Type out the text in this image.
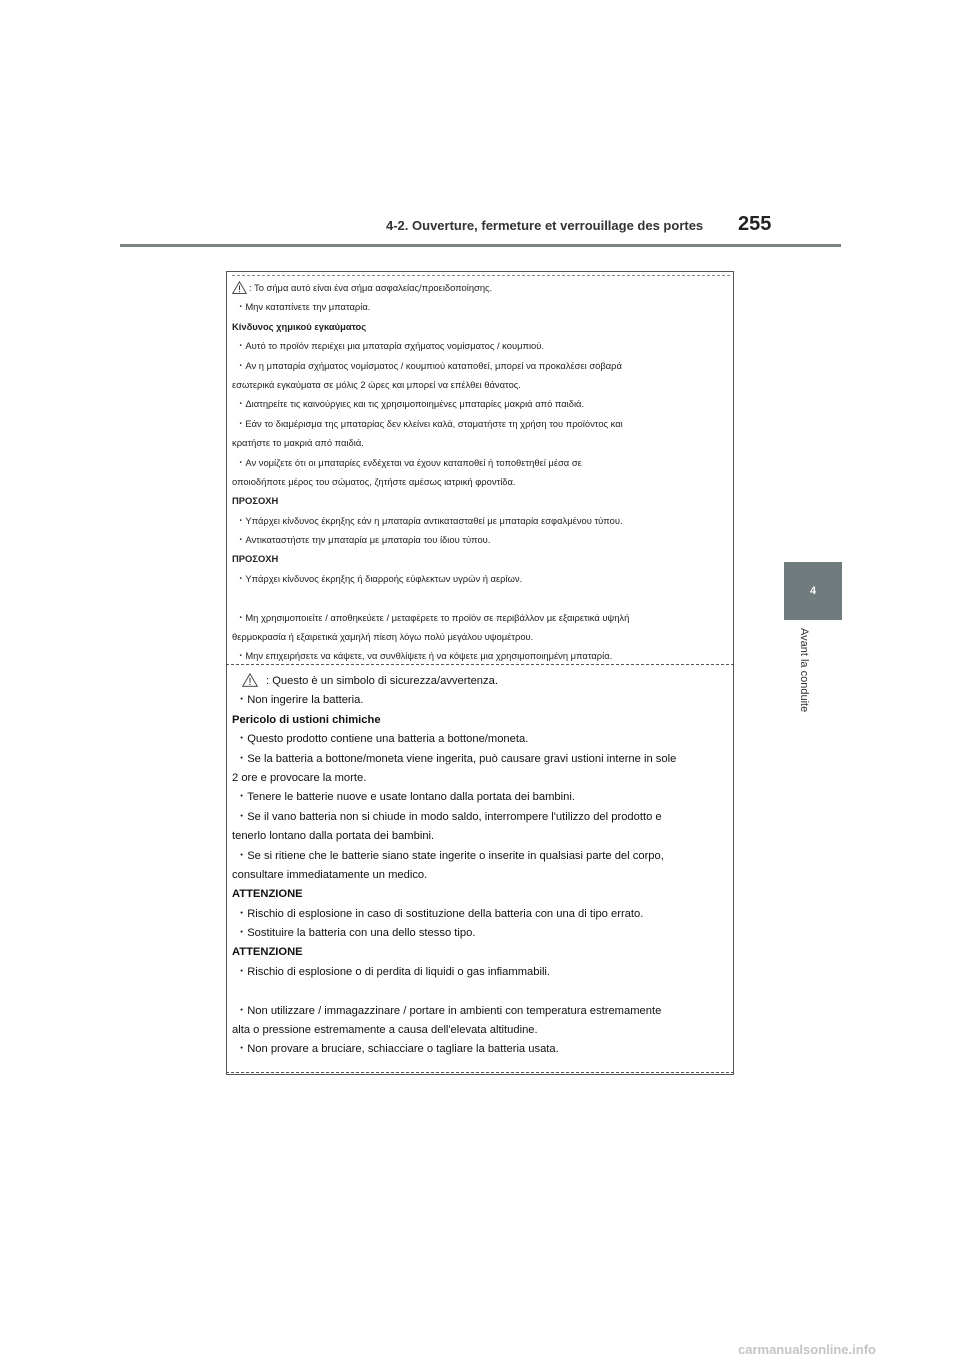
4-2. Ouverture, fermeture et verrouillage des portes 255
4
Avant la conduite
: Το σήμα αυτό είναι ένα σήμα ασφαλείας/προειδοποίησης.
・Μην καταπίνετε την μπαταρία.
Κίνδυνος χημικού εγκαύματος
・Αυτό το προϊόν περιέχει μια μπαταρία σχήματος νομίσματος / κουμπιού.
・Αν η μπαταρία σχήματος νομίσματος / κουμπιού καταποθεί, μπορεί να προκαλέσει σοβαρά
εσωτερικά εγκαύματα σε μόλις 2 ώρες και μπορεί να επέλθει θάνατος.
・Διατηρείτε τις καινούργιες και τις χρησιμοποιημένες μπαταρίες μακριά από παιδιά.
・Εάν το διαμέρισμα της μπαταρίας δεν κλείνει καλά, σταματήστε τη χρήση του προϊόντος και
κρατήστε το μακριά από παιδιά.
・Αν νομίζετε ότι οι μπαταρίες ενδέχεται να έχουν καταποθεί ή τοποθετηθεί μέσα σε
οποιοδήποτε μέρος του σώματος, ζητήστε αμέσως ιατρική φροντίδα.
ΠΡΟΣΟΧΗ
・Υπάρχει κίνδυνος έκρηξης εάν η μπαταρία αντικατασταθεί με μπαταρία εσφαλμένου τύπου.
・Αντικαταστήστε την μπαταρία με μπαταρία του ίδιου τύπου.
ΠΡΟΣΟΧΗ
・Υπάρχει κίνδυνος έκρηξης ή διαρροής εύφλεκτων υγρών ή αερίων.
・Μη χρησιμοποιείτε / αποθηκεύετε / μεταφέρετε το προϊόν σε περιβάλλον με εξαιρετικά υψηλή
θερμοκρασία ή εξαιρετικά χαμηλή πίεση λόγω πολύ μεγάλου υψομέτρου.
・Μην επιχειρήσετε να κάψετε, να συνθλίψετε ή να κόψετε μια χρησιμοποιημένη μπαταρία.
: Questo è un simbolo di sicurezza/avvertenza.
・Non ingerire la batteria.
Pericolo di ustioni chimiche
・Questo prodotto contiene una batteria a bottone/moneta.
・Se la batteria a bottone/moneta viene ingerita, può causare gravi ustioni interne in sole
2 ore e provocare la morte.
・Tenere le batterie nuove e usate lontano dalla portata dei bambini.
・Se il vano batteria non si chiude in modo saldo, interrompere l'utilizzo del prodotto e
tenerlo lontano dalla portata dei bambini.
・Se si ritiene che le batterie siano state ingerite o inserite in qualsiasi parte del corpo,
consultare immediatamente un medico.
ATTENZIONE
・Rischio di esplosione in caso di sostituzione della batteria con una di tipo errato.
・Sostituire la batteria con una dello stesso tipo.
ATTENZIONE
・Rischio di esplosione o di perdita di liquidi o gas infiammabili.
・Non utilizzare / immagazzinare / portare in ambienti con temperatura estremamente
alta o pressione estremamente a causa dell'elevata altitudine.
・Non provare a bruciare, schiacciare o tagliare la batteria usata.
carmanualsonline.info
